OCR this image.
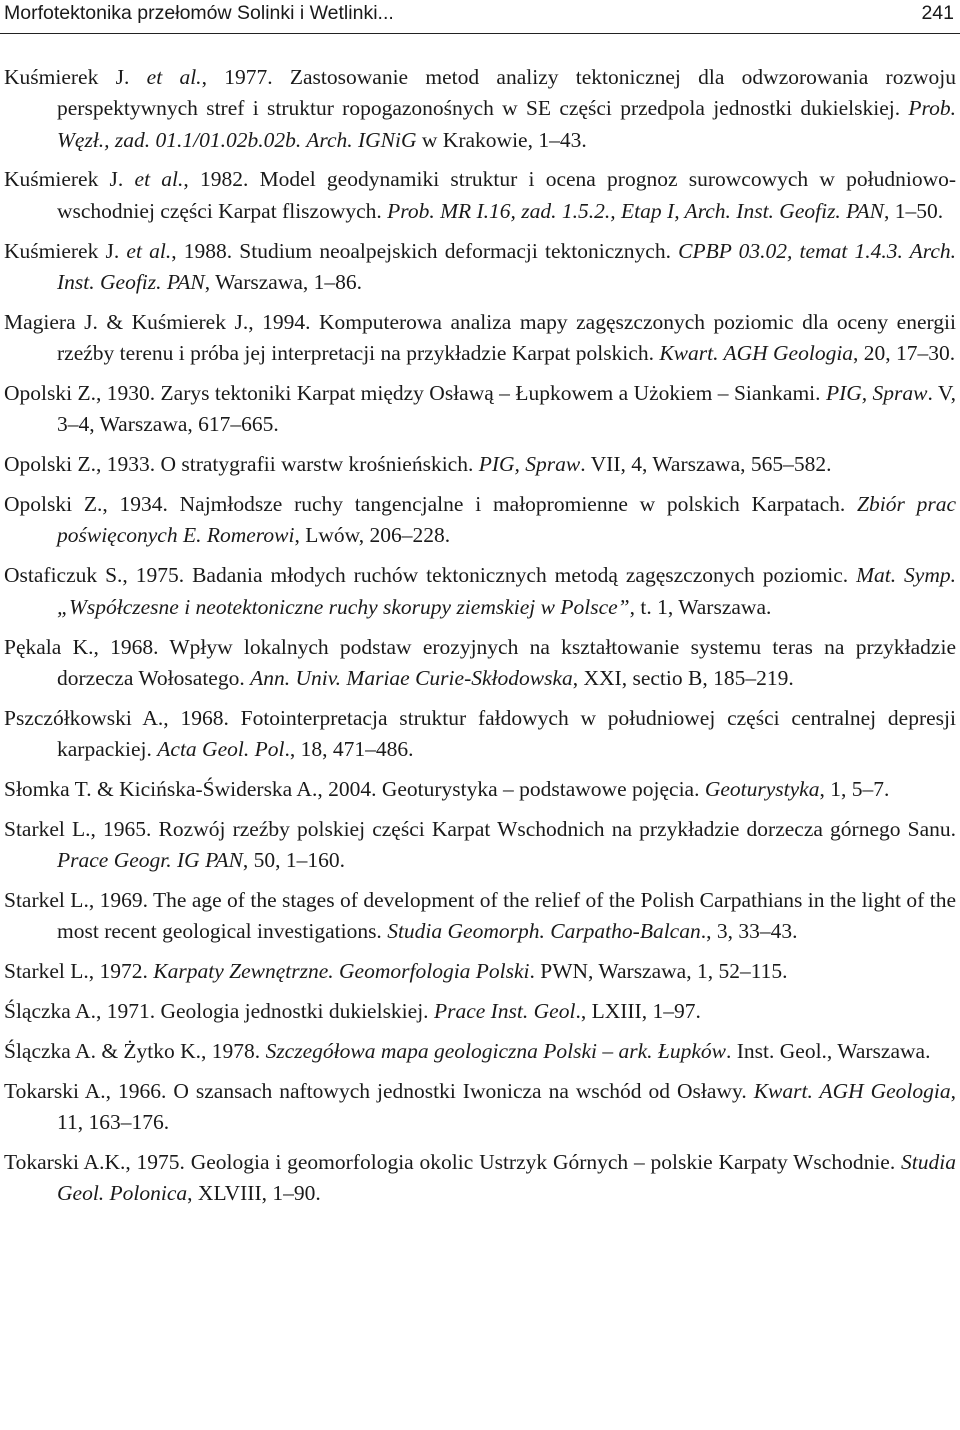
Morfotektonika przełomów Solinki i Wetlinki...	241

Kuśmierek J. et al., 1977. Zastosowanie metod analizy tektonicznej dla odwzorowania rozwoju perspektywnych stref i struktur ropogazonośnych w SE części przedpola jednostki dukielskiej. Prob. Węzł., zad. 01.1/01.02b.02b. Arch. IGNiG w Krakowie, 1–43.

Kuśmierek J. et al., 1982. Model geodynamiki struktur i ocena prognoz surowcowych w południowo-wschodniej części Karpat fliszowych. Prob. MR I.16, zad. 1.5.2., Etap I, Arch. Inst. Geofiz. PAN, 1–50.

Kuśmierek J. et al., 1988. Studium neoalpejskich deformacji tektonicznych. CPBP 03.02, temat 1.4.3. Arch. Inst. Geofiz. PAN, Warszawa, 1–86.

Magiera J. & Kuśmierek J., 1994. Komputerowa analiza mapy zagęszczonych poziomic dla oceny energii rzeźby terenu i próba jej interpretacji na przykładzie Karpat polskich. Kwart. AGH Geologia, 20, 17–30.

Opolski Z., 1930. Zarys tektoniki Karpat między Osławą – Łupkowem a Użokiem – Siankami. PIG, Spraw. V, 3–4, Warszawa, 617–665.

Opolski Z., 1933. O stratygrafii warstw krośnieńskich. PIG, Spraw. VII, 4, Warszawa, 565–582.

Opolski Z., 1934. Najmłodsze ruchy tangencjalne i małopromienne w polskich Karpatach. Zbiór prac poświęconych E. Romerowi, Lwów, 206–228.

Ostaficzuk S., 1975. Badania młodych ruchów tektonicznych metodą zagęszczonych poziomic. Mat. Symp. „Współczesne i neotektoniczne ruchy skorupy ziemskiej w Polsce”, t. 1, Warszawa.

Pękala K., 1968. Wpływ lokalnych podstaw erozyjnych na kształtowanie systemu teras na przykładzie dorzecza Wołosatego. Ann. Univ. Mariae Curie-Skłodowska, XXI, sectio B, 185–219.

Pszczółkowski A., 1968. Fotointerpretacja struktur fałdowych w południowej części centralnej depresji karpackiej. Acta Geol. Pol., 18, 471–486.

Słomka T. & Kicińska-Świderska A., 2004. Geoturystyka – podstawowe pojęcia. Geoturystyka, 1, 5–7.

Starkel L., 1965. Rozwój rzeźby polskiej części Karpat Wschodnich na przykładzie dorzecza górnego Sanu. Prace Geogr. IG PAN, 50, 1–160.

Starkel L., 1969. The age of the stages of development of the relief of the Polish Carpathians in the light of the most recent geological investigations. Studia Geomorph. Carpatho-Balcan., 3, 33–43.

Starkel L., 1972. Karpaty Zewnętrzne. Geomorfologia Polski. PWN, Warszawa, 1, 52–115.

Ślączka A., 1971. Geologia jednostki dukielskiej. Prace Inst. Geol., LXIII, 1–97.

Ślączka A. & Żytko K., 1978. Szczegółowa mapa geologiczna Polski – ark. Łupków. Inst. Geol., Warszawa.

Tokarski A., 1966. O szansach naftowych jednostki Iwonicza na wschód od Osławy. Kwart. AGH Geologia, 11, 163–176.

Tokarski A.K., 1975. Geologia i geomorfologia okolic Ustrzyk Górnych – polskie Karpaty Wschodnie. Studia Geol. Polonica, XLVIII, 1–90.
